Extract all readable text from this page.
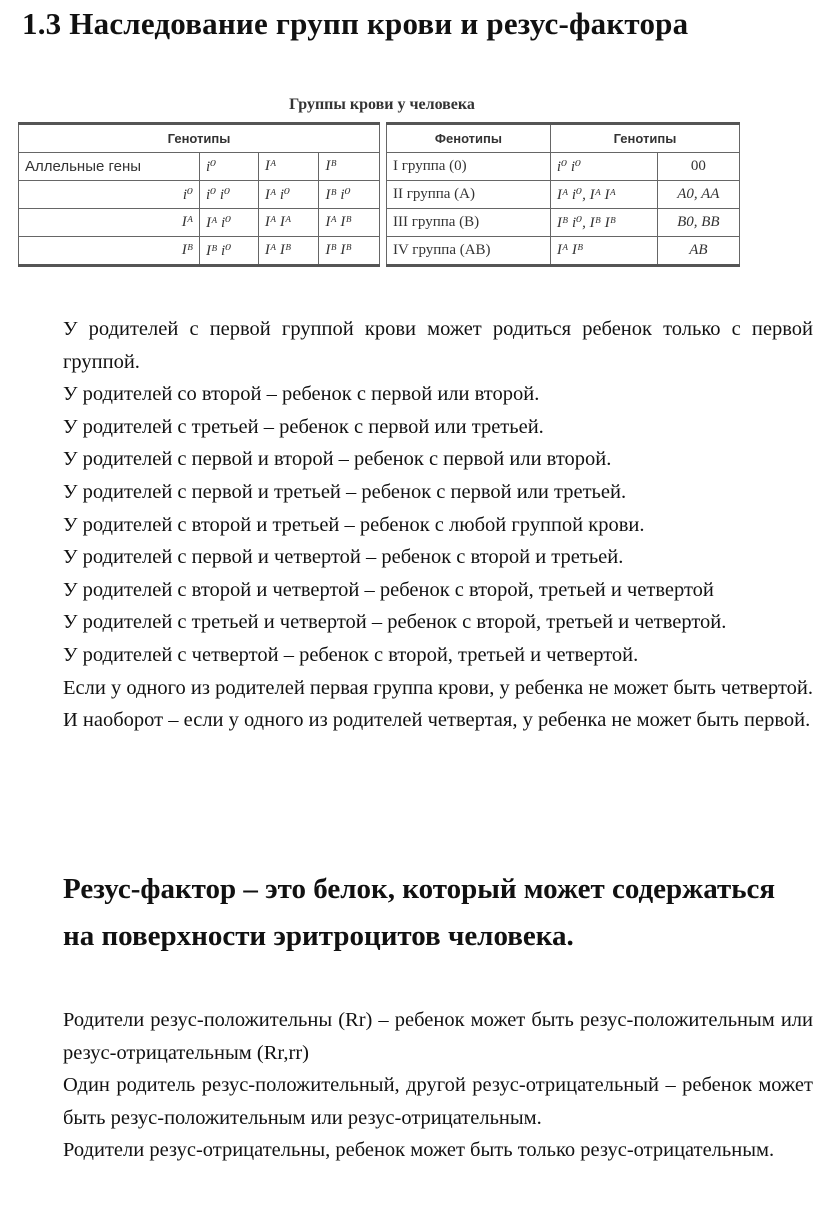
1.3 Наследование групп крови и резус-фактора
Группы крови у человека
Генотипы			
Аллельные гены	i⁰	Iᴬ	Iᴮ
i⁰	i⁰ i⁰	Iᴬ i⁰	Iᴮ i⁰
Iᴬ	Iᴬ i⁰	Iᴬ Iᴬ	Iᴬ Iᴮ
Iᴮ	Iᴮ i⁰	Iᴬ Iᴮ	Iᴮ Iᴮ
Фенотипы	Генотипы	
I группа (0)	i⁰ i⁰	00
II группа (A)	Iᴬ i⁰, Iᴬ Iᴬ	A0, AA
III группа (B)	Iᴮ i⁰, Iᴮ Iᴮ	B0, BB
IV группа (AB)	Iᴬ Iᴮ	AB

У родителей с первой группой крови может родиться ребенок только с первой группой.

У родителей со второй – ребенок с первой или второй.

У родителей с третьей – ребенок с первой или третьей.

У родителей с первой и второй – ребенок с первой или второй.

У родителей с первой и третьей – ребенок с первой или третьей.

У родителей с второй и третьей – ребенок с любой группой крови.

У родителей с первой и четвертой – ребенок с второй и третьей.

У родителей с второй и четвертой – ребенок с второй, третьей и четвертой

У родителей с третьей и четвертой – ребенок с второй, третьей и четвертой.

У родителей с четвертой – ребенок с второй, третьей и четвертой.

Если у одного из родителей первая группа крови, у ребенка не может быть четвертой. И наоборот – если у одного из родителей четвертая, у ребенка не может быть первой.

Резус-фактор – это белок, который может содержаться на поверхности эритроцитов человека.

Родители резус-положительны (Rr) – ребенок может быть резус-положительным или резус-отрицательным (Rr,rr)

Один родитель резус-положительный, другой резус-отрицательный – ребенок может быть резус-положительным или резус-отрицательным.

Родители резус-отрицательны, ребенок может быть только резус-отрицательным.
